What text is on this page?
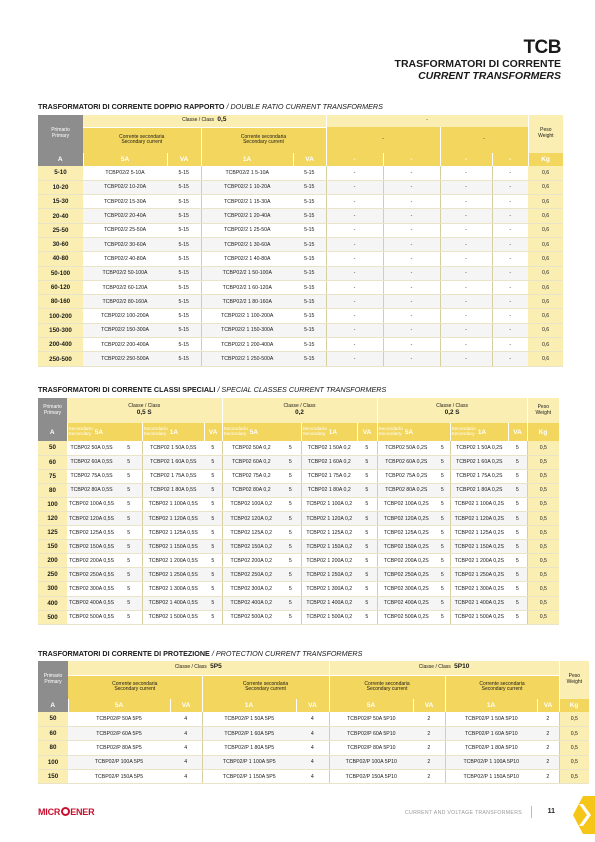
TCB
TRASFORMATORI DI CORRENTE
CURRENT TRANSFORMERS
TRASFORMATORI DI CORRENTE DOPPIO RAPPORTO / DOUBLE RATIO CURRENT TRANSFORMERS
Primario
Primary	Classe / Class 0,5				-				Peso
Weight
	Corrente secondaria
Secondary current		Corrente secondaria
Secondary current		-		-		
A	5A	VA	1A	VA	-	-	-	-	Kg
5-10	TCBP02/2 5-10A	5-15	TCBP02/2 1 5-10A	5-15	-	-	-	-	0,6
10-20	TCBP02/2 10-20A	5-15	TCBP02/2 1 10-20A	5-15	-	-	-	-	0,6
15-30	TCBP02/2 15-30A	5-15	TCBP02/2 1 15-30A	5-15	-	-	-	-	0,6
20-40	TCBP02/2 20-40A	5-15	TCBP02/2 1 20-40A	5-15	-	-	-	-	0,6
25-50	TCBP02/2 25-50A	5-15	TCBP02/2 1 25-50A	5-15	-	-	-	-	0,6
30-60	TCBP02/2 30-60A	5-15	TCBP02/2 1 30-60A	5-15	-	-	-	-	0,6
40-80	TCBP02/2 40-80A	5-15	TCBP02/2 1 40-80A	5-15	-	-	-	-	0,6
50-100	TCBP02/2 50-100A	5-15	TCBP02/2 1 50-100A	5-15	-	-	-	-	0,6
60-120	TCBP02/2 60-120A	5-15	TCBP02/2 1 60-120A	5-15	-	-	-	-	0,6
80-160	TCBP02/2 80-160A	5-15	TCBP02/2 1 80-160A	5-15	-	-	-	-	0,6
100-200	TCBP02/2 100-200A	5-15	TCBP02/2 1 100-200A	5-15	-	-	-	-	0,6
150-300	TCBP02/2 150-300A	5-15	TCBP02/2 1 150-300A	5-15	-	-	-	-	0,6
200-400	TCBP02/2 200-400A	5-15	TCBP02/2 1 200-400A	5-15	-	-	-	-	0,6
250-500	TCBP02/2 250-500A	5-15	TCBP02/2 1 250-500A	5-15	-	-	-	-	0,6
TRASFORMATORI DI CORRENTE CLASSI SPECIALI / SPECIAL CLASSES CURRENT TRANSFORMERS
Primario
Primary	Classe / Class
0,5 S				Classe / Class
0,2				Classe / Class
0,2 S				Peso
Weight
A	Secondario
Secondary 5A		Secondario
Secondary 1A	VA	Secondario
Secondary 5A		Secondario
Secondary 1A	VA	Secondario
Secondary 5A		Secondario
Secondary 1A	VA	Kg
50	TCBP02 50A 0,5S	5	TCBP02 1 50A 0,5S	5	TCBP02 50A 0,2	5	TCBP02 1 50A 0,2	5	TCBP02 50A 0,2S	5	TCBP02 1 50A 0,2S	5	0,5
60	TCBP02 60A 0,5S	5	TCBP02 1 60A 0,5S	5	TCBP02 60A 0,2	5	TCBP02 1 60A 0,2	5	TCBP02 60A 0,2S	5	TCBP02 1 60A 0,2S	5	0,5
75	TCBP02 75A 0,5S	5	TCBP02 1 75A 0,5S	5	TCBP02 75A 0,2	5	TCBP02 1 75A 0,2	5	TCBP02 75A 0,2S	5	TCBP02 1 75A 0,2S	5	0,5
80	TCBP02 80A 0,5S	5	TCBP02 1 80A 0,5S	5	TCBP02 80A 0,2	5	TCBP02 1 80A 0,2	5	TCBP02 80A 0,2S	5	TCBP02 1 80A 0,2S	5	0,5
100	TCBP02 100A 0,5S	5	TCBP02 1 100A 0,5S	5	TCBP02 100A 0,2	5	TCBP02 1 100A 0,2	5	TCBP02 100A 0,2S	5	TCBP02 1 100A 0,2S	5	0,5
120	TCBP02 120A 0,5S	5	TCBP02 1 120A 0,5S	5	TCBP02 120A 0,2	5	TCBP02 1 120A 0,2	5	TCBP02 120A 0,2S	5	TCBP02 1 120A 0,2S	5	0,5
125	TCBP02 125A 0,5S	5	TCBP02 1 125A 0,5S	5	TCBP02 125A 0,2	5	TCBP02 1 125A 0,2	5	TCBP02 125A 0,2S	5	TCBP02 1 125A 0,2S	5	0,5
150	TCBP02 150A 0,5S	5	TCBP02 1 150A 0,5S	5	TCBP02 150A 0,2	5	TCBP02 1 150A 0,2	5	TCBP02 150A 0,2S	5	TCBP02 1 150A 0,2S	5	0,5
200	TCBP02 200A 0,5S	5	TCBP02 1 200A 0,5S	5	TCBP02 200A 0,2	5	TCBP02 1 200A 0,2	5	TCBP02 200A 0,2S	5	TCBP02 1 200A 0,2S	5	0,5
250	TCBP02 250A 0,5S	5	TCBP02 1 250A 0,5S	5	TCBP02 250A 0,2	5	TCBP02 1 250A 0,2	5	TCBP02 250A 0,2S	5	TCBP02 1 250A 0,2S	5	0,5
300	TCBP02 300A 0,5S	5	TCBP02 1 300A 0,5S	5	TCBP02 300A 0,2	5	TCBP02 1 300A 0,2	5	TCBP02 300A 0,2S	5	TCBP02 1 300A 0,2S	5	0,5
400	TCBP02 400A 0,5S	5	TCBP02 1 400A 0,5S	5	TCBP02 400A 0,2	5	TCBP02 1 400A 0,2	5	TCBP02 400A 0,2S	5	TCBP02 1 400A 0,2S	5	0,5
500	TCBP02 500A 0,5S	5	TCBP02 1 500A 0,5S	5	TCBP02 500A 0,2	5	TCBP02 1 500A 0,2	5	TCBP02 500A 0,2S	5	TCBP02 1 500A 0,2S	5	0,5
TRASFORMATORI DI CORRENTE DI PROTEZIONE / PROTECTION CURRENT TRANSFORMERS
Primario
Primary	Classe / Class 5P5				Classe / Class 5P10				Peso
Weight
	Corrente secondaria
Secondary current		Corrente secondaria
Secondary current		Corrente secondaria
Secondary current		Corrente secondaria
Secondary current		
A	5A	VA	1A	VA	5A	VA	1A	VA	Kg
50	TCBP02/P 50A 5P5	4	TCBP02/P 1 50A 5P5	4	TCBP02/P 50A 5P10	2	TCBP02/P 1 50A 5P10	2	0,5
60	TCBP02/P 60A 5P5	4	TCBP02/P 1 60A 5P5	4	TCBP02/P 60A 5P10	2	TCBP02/P 1 60A 5P10	2	0,5
80	TCBP02/P 80A 5P5	4	TCBP02/P 1 80A 5P5	4	TCBP02/P 80A 5P10	2	TCBP02/P 1 80A 5P10	2	0,5
100	TCBP02/P 100A 5P5	4	TCBP02/P 1 100A 5P5	4	TCBP02/P 100A 5P10	2	TCBP02/P 1 100A 5P10	2	0,5
150	TCBP02/P 150A 5P5	4	TCBP02/P 1 150A 5P5	4	TCBP02/P 150A 5P10	2	TCBP02/P 1 150A 5P10	2	0,5
MICR ENER	CURRENT AND VOLTAGE TRANSFORMERS	11
